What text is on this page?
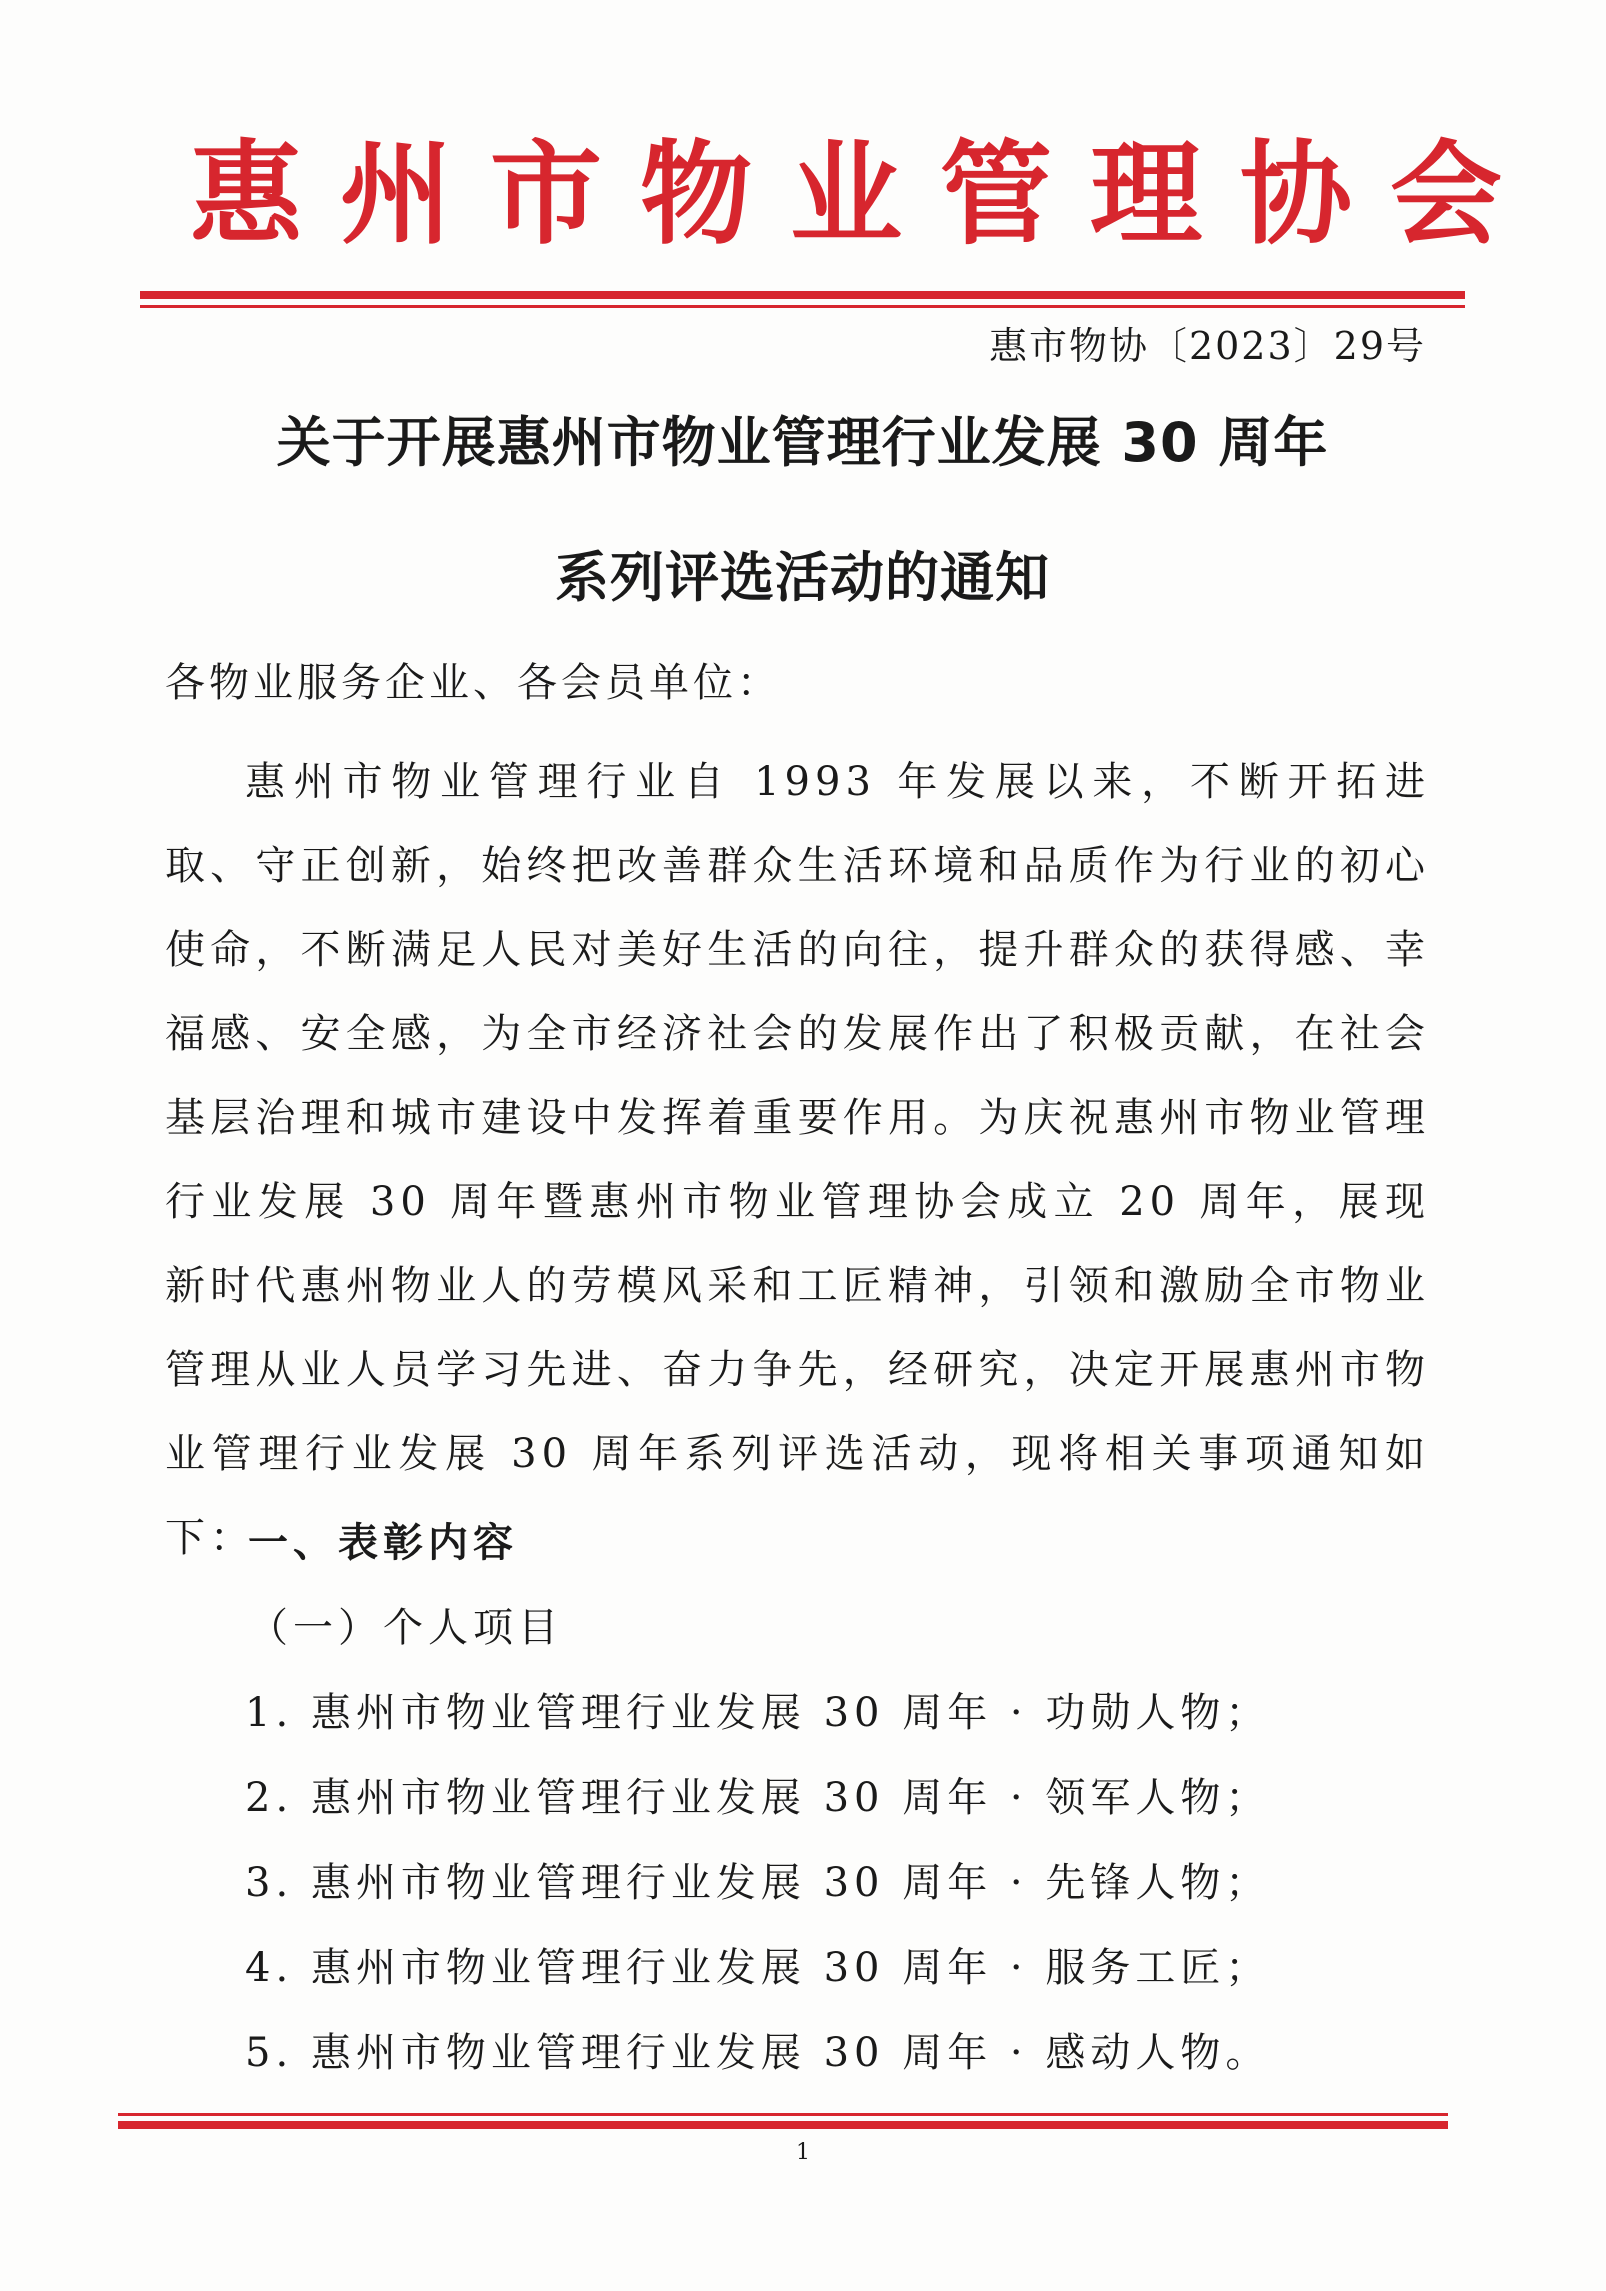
惠州市物业管理协会
惠市物协〔2023〕29号
关于开展惠州市物业管理行业发展 30 周年
系列评选活动的通知
各物业服务企业、各会员单位：
惠州市物业管理行业自 1993 年发展以来，不断开拓进取、守正创新，始终把改善群众生活环境和品质作为行业的初心使命，不断满足人民对美好生活的向往，提升群众的获得感、幸福感、安全感，为全市经济社会的发展作出了积极贡献，在社会基层治理和城市建设中发挥着重要作用。为庆祝惠州市物业管理行业发展 30 周年暨惠州市物业管理协会成立 20 周年，展现新时代惠州物业人的劳模风采和工匠精神，引领和激励全市物业管理从业人员学习先进、奋力争先，经研究，决定开展惠州市物业管理行业发展 30 周年系列评选活动，现将相关事项通知如下：
一、表彰内容
（一）个人项目
1. 惠州市物业管理行业发展 30 周年 · 功勋人物；
2. 惠州市物业管理行业发展 30 周年 · 领军人物；
3. 惠州市物业管理行业发展 30 周年 · 先锋人物；
4. 惠州市物业管理行业发展 30 周年 · 服务工匠；
5. 惠州市物业管理行业发展 30 周年 · 感动人物。
1
